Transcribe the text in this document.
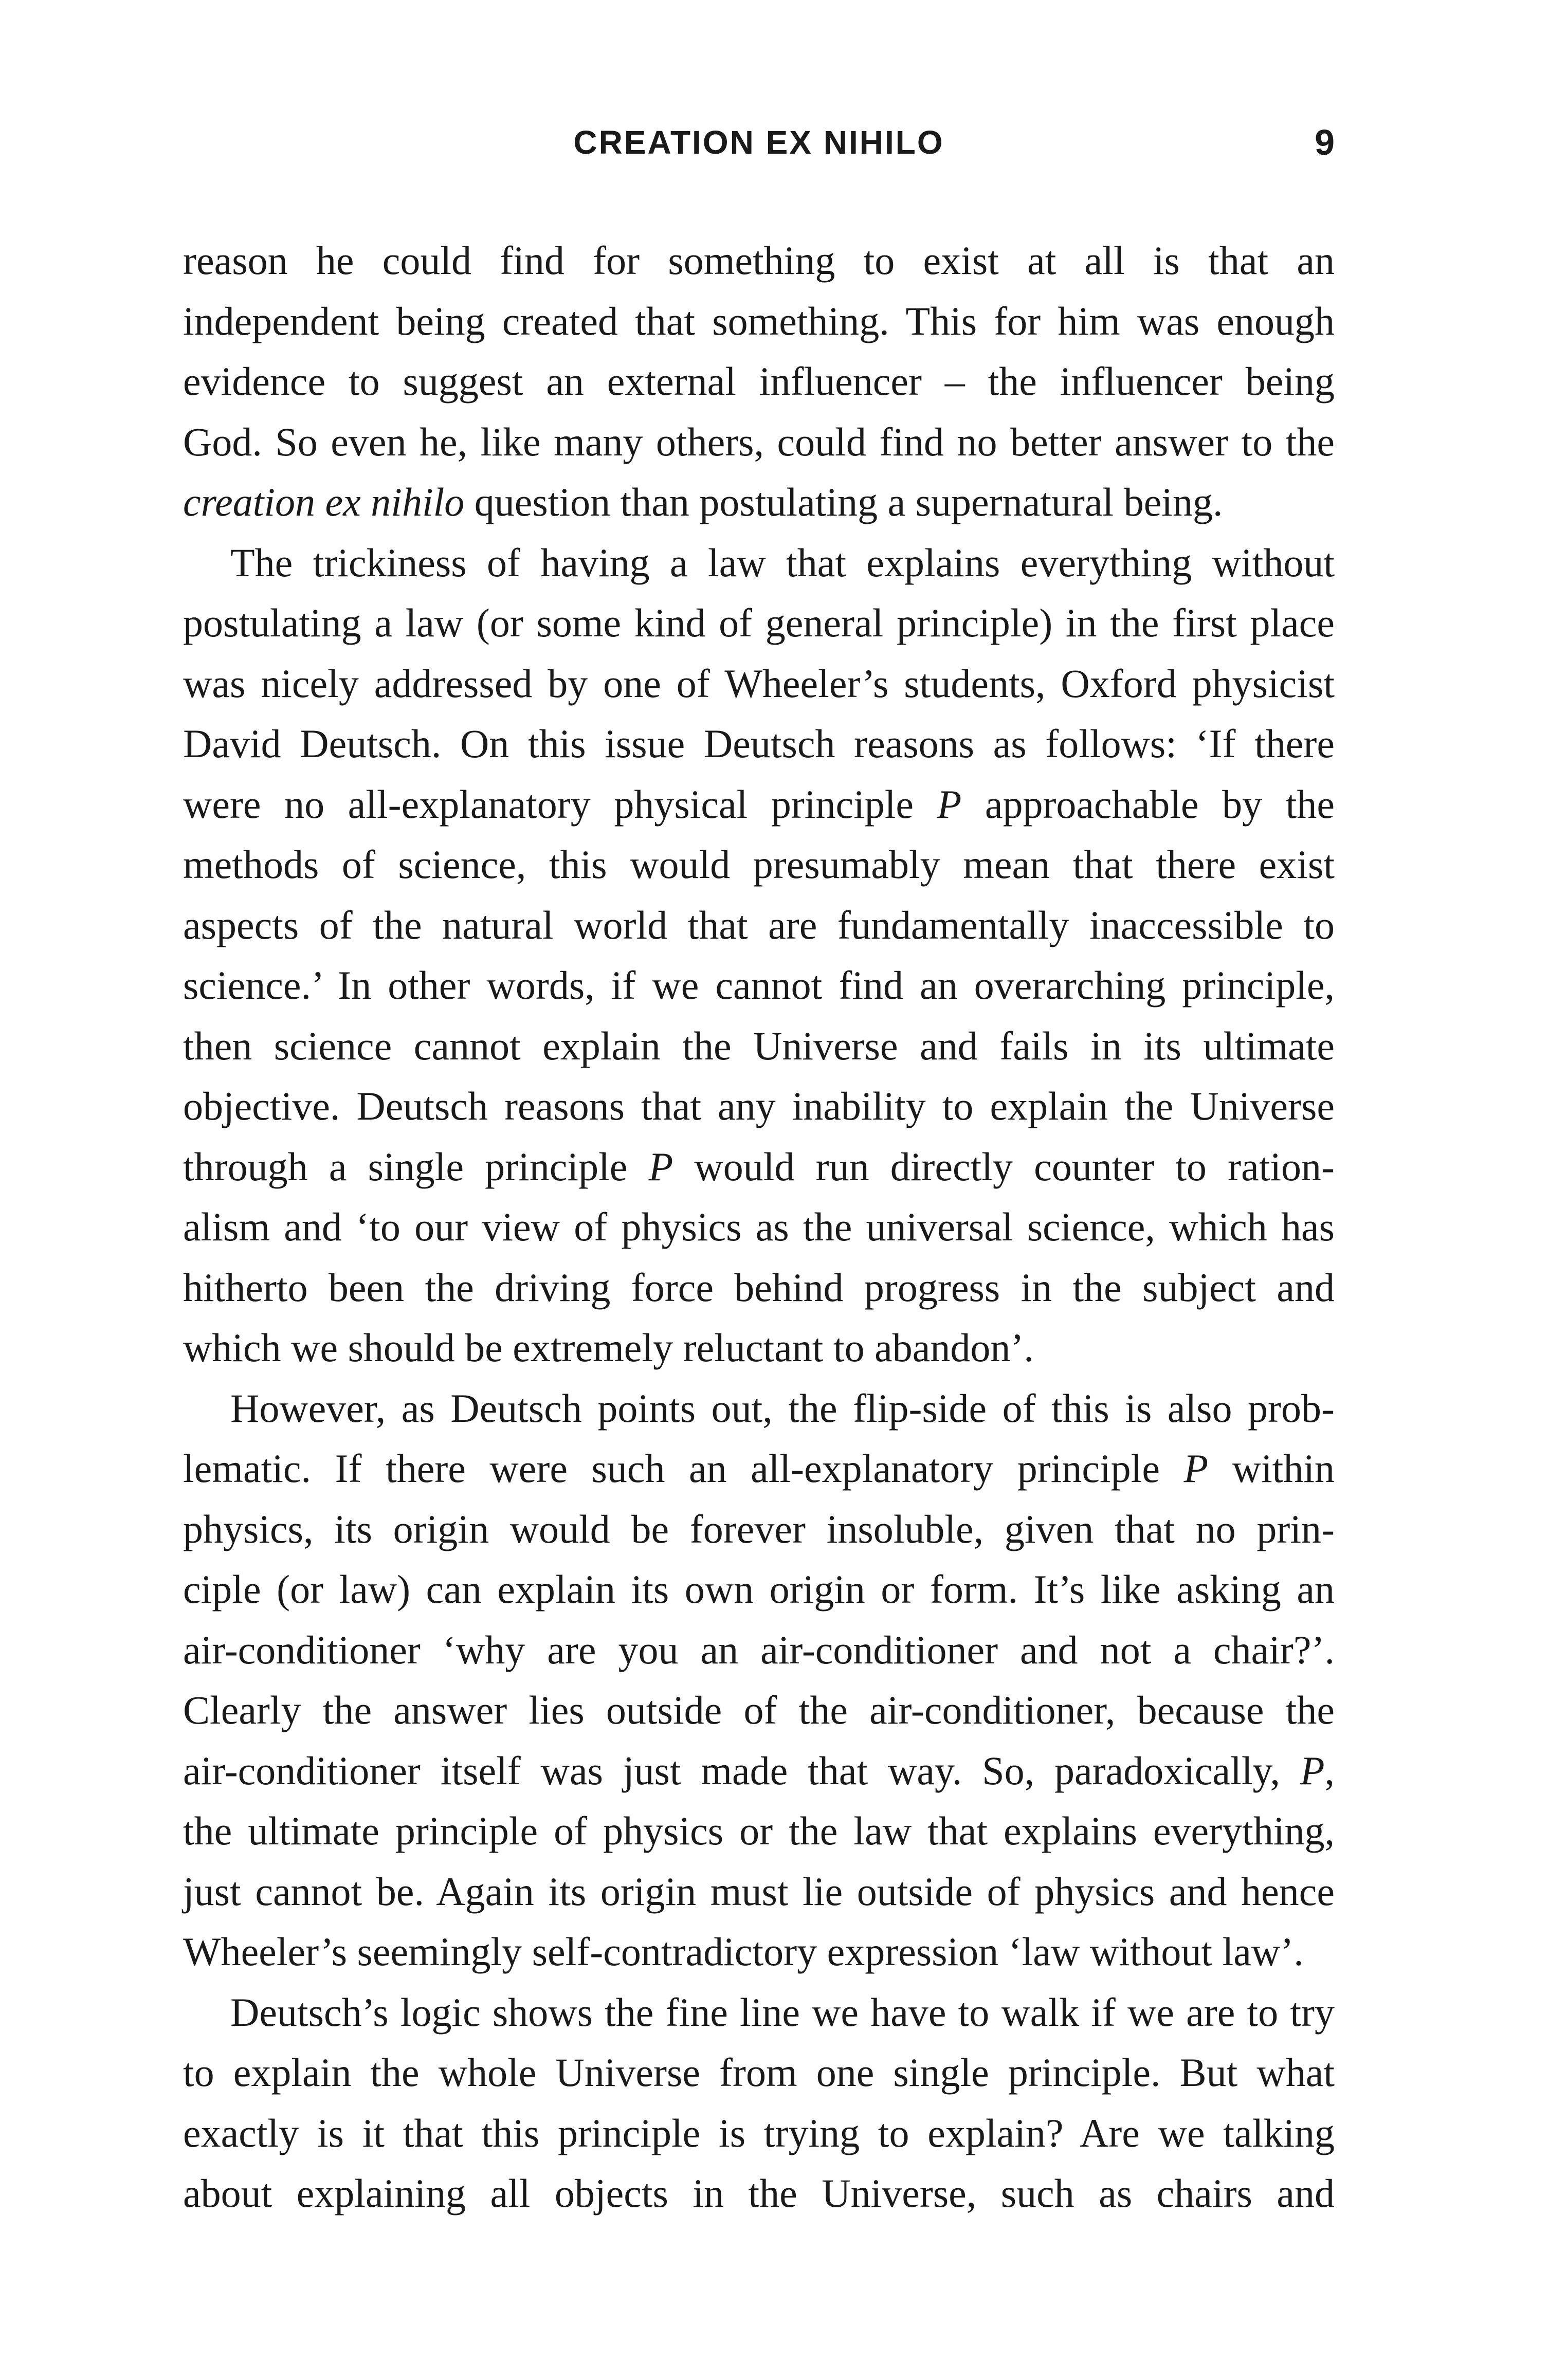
CREATION EX NIHILO	9

reason he could find for something to exist at all is that an
independent being created that something. This for him was enough
evidence to suggest an external influencer – the influencer being
God. So even he, like many others, could find no better answer to the
creation ex nihilo question than postulating a supernatural being.

The trickiness of having a law that explains everything without
postulating a law (or some kind of general principle) in the first place
was nicely addressed by one of Wheeler’s students, Oxford physicist
David Deutsch. On this issue Deutsch reasons as follows: ‘If there
were no all-explanatory physical principle P approachable by the
methods of science, this would presumably mean that there exist
aspects of the natural world that are fundamentally inaccessible to
science.’ In other words, if we cannot find an overarching principle,
then science cannot explain the Universe and fails in its ultimate
objective. Deutsch reasons that any inability to explain the Universe
through a single principle P would run directly counter to ration-
alism and ‘to our view of physics as the universal science, which has
hitherto been the driving force behind progress in the subject and
which we should be extremely reluctant to abandon’.

However, as Deutsch points out, the flip-side of this is also prob-
lematic. If there were such an all-explanatory principle P within
physics, its origin would be forever insoluble, given that no prin-
ciple (or law) can explain its own origin or form. It’s like asking an
air-conditioner ‘why are you an air-conditioner and not a chair?’.
Clearly the answer lies outside of the air-conditioner, because the
air-conditioner itself was just made that way. So, paradoxically, P,
the ultimate principle of physics or the law that explains everything,
just cannot be. Again its origin must lie outside of physics and hence
Wheeler’s seemingly self-contradictory expression ‘law without law’.

Deutsch’s logic shows the fine line we have to walk if we are to try
to explain the whole Universe from one single principle. But what
exactly is it that this principle is trying to explain? Are we talking
about explaining all objects in the Universe, such as chairs and
